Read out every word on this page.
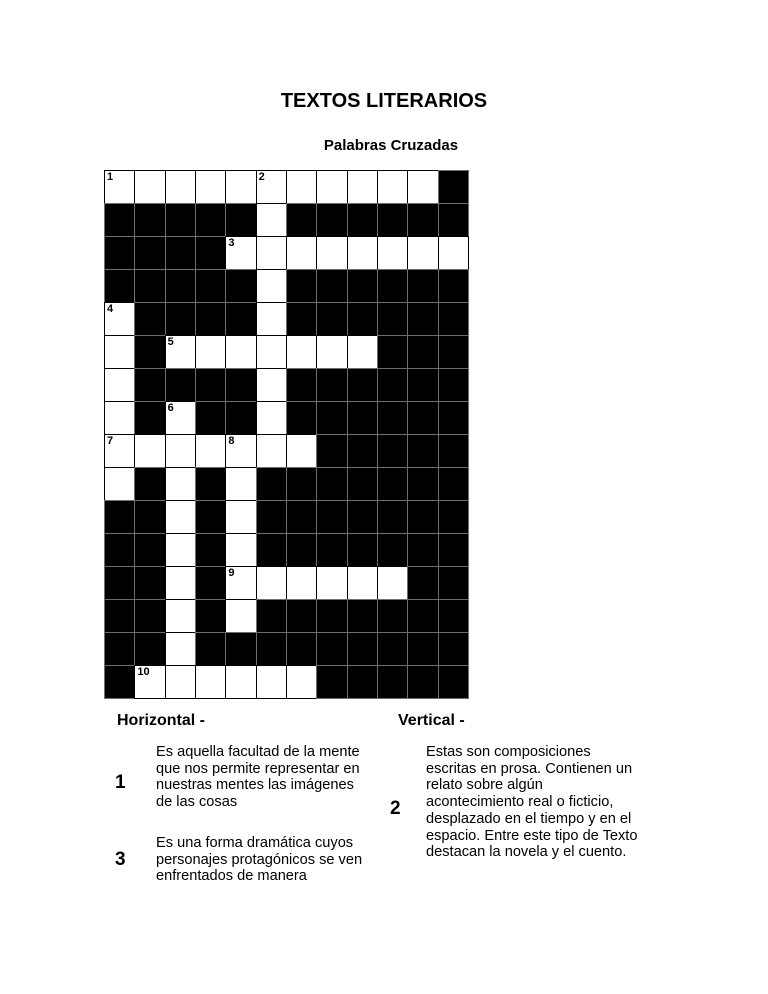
TEXTOS LITERARIOS
Palabras Cruzadas
1	2
3
4
5
6
7	8
9
10
Horizontal -	Vertical -
1
Es aquella facultad de la mente
que nos permite representar en
nuestras mentes las imágenes
de las cosas
3
Es una forma dramática cuyos
personajes protagónicos se ven
enfrentados de manera
2
Estas son composiciones
escritas en prosa. Contienen un
relato sobre algún
acontecimiento real o ficticio,
desplazado en el tiempo y en el
espacio. Entre este tipo de Texto
destacan la novela y el cuento.
